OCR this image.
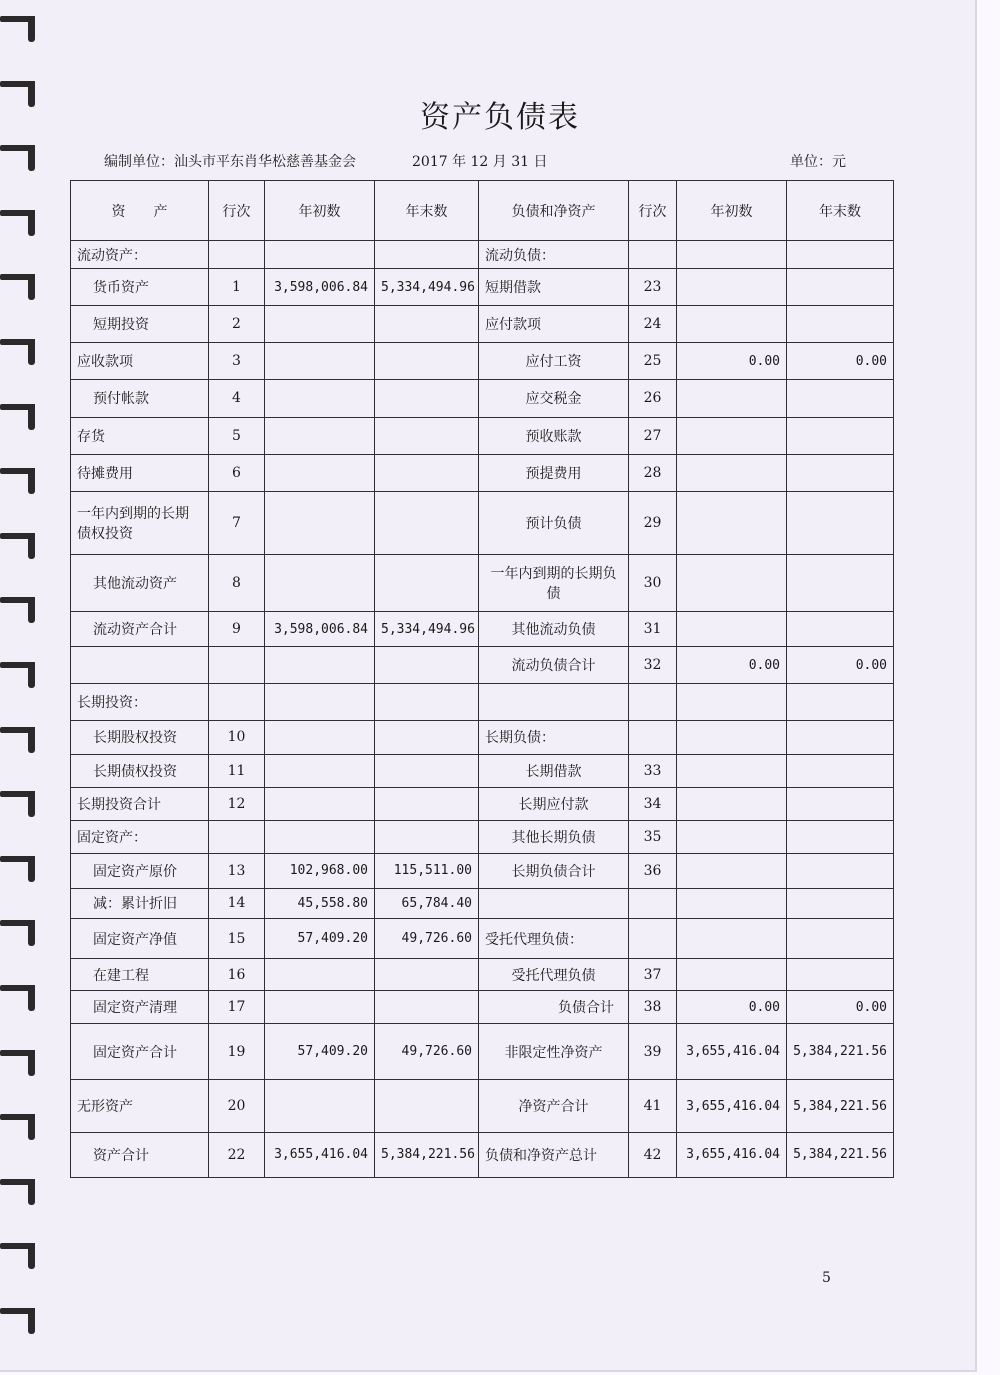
资产负债表
编制单位：汕头市平东肖华松慈善基金会	2017 年 12 月 31 日	单位：元
资　　产	行次	年初数	年末数	负债和净资产	行次	年初数	年末数
流动资产：				流动负债：			
货币资产	1	3,598,006.84	5,334,494.96	短期借款	23		
短期投资	2			应付款项	24		
应收款项	3			应付工资	25	0.00	0.00
预付帐款	4			应交税金	26		
存货	5			预收账款	27		
待摊费用	6			预提费用	28		
一年内到期的长期债权投资	7			预计负债	29		
其他流动资产	8			一年内到期的长期负债	30		
流动资产合计	9	3,598,006.84	5,334,494.96	其他流动负债	31		
				流动负债合计	32	0.00	0.00
长期投资：							
长期股权投资	10			长期负债：			
长期债权投资	11			长期借款	33		
长期投资合计	12			长期应付款	34		
固定资产：				其他长期负债	35		
固定资产原价	13	102,968.00	115,511.00	长期负债合计	36		
减：累计折旧	14	45,558.80	65,784.40				
固定资产净值	15	57,409.20	49,726.60	受托代理负债：			
在建工程	16			受托代理负债	37		
固定资产清理	17			负债合计	38	0.00	0.00
固定资产合计	19	57,409.20	49,726.60	非限定性净资产	39	3,655,416.04	5,384,221.56
无形资产	20			净资产合计	41	3,655,416.04	5,384,221.56
资产合计	22	3,655,416.04	5,384,221.56	负债和净资产总计	42	3,655,416.04	5,384,221.56
5
